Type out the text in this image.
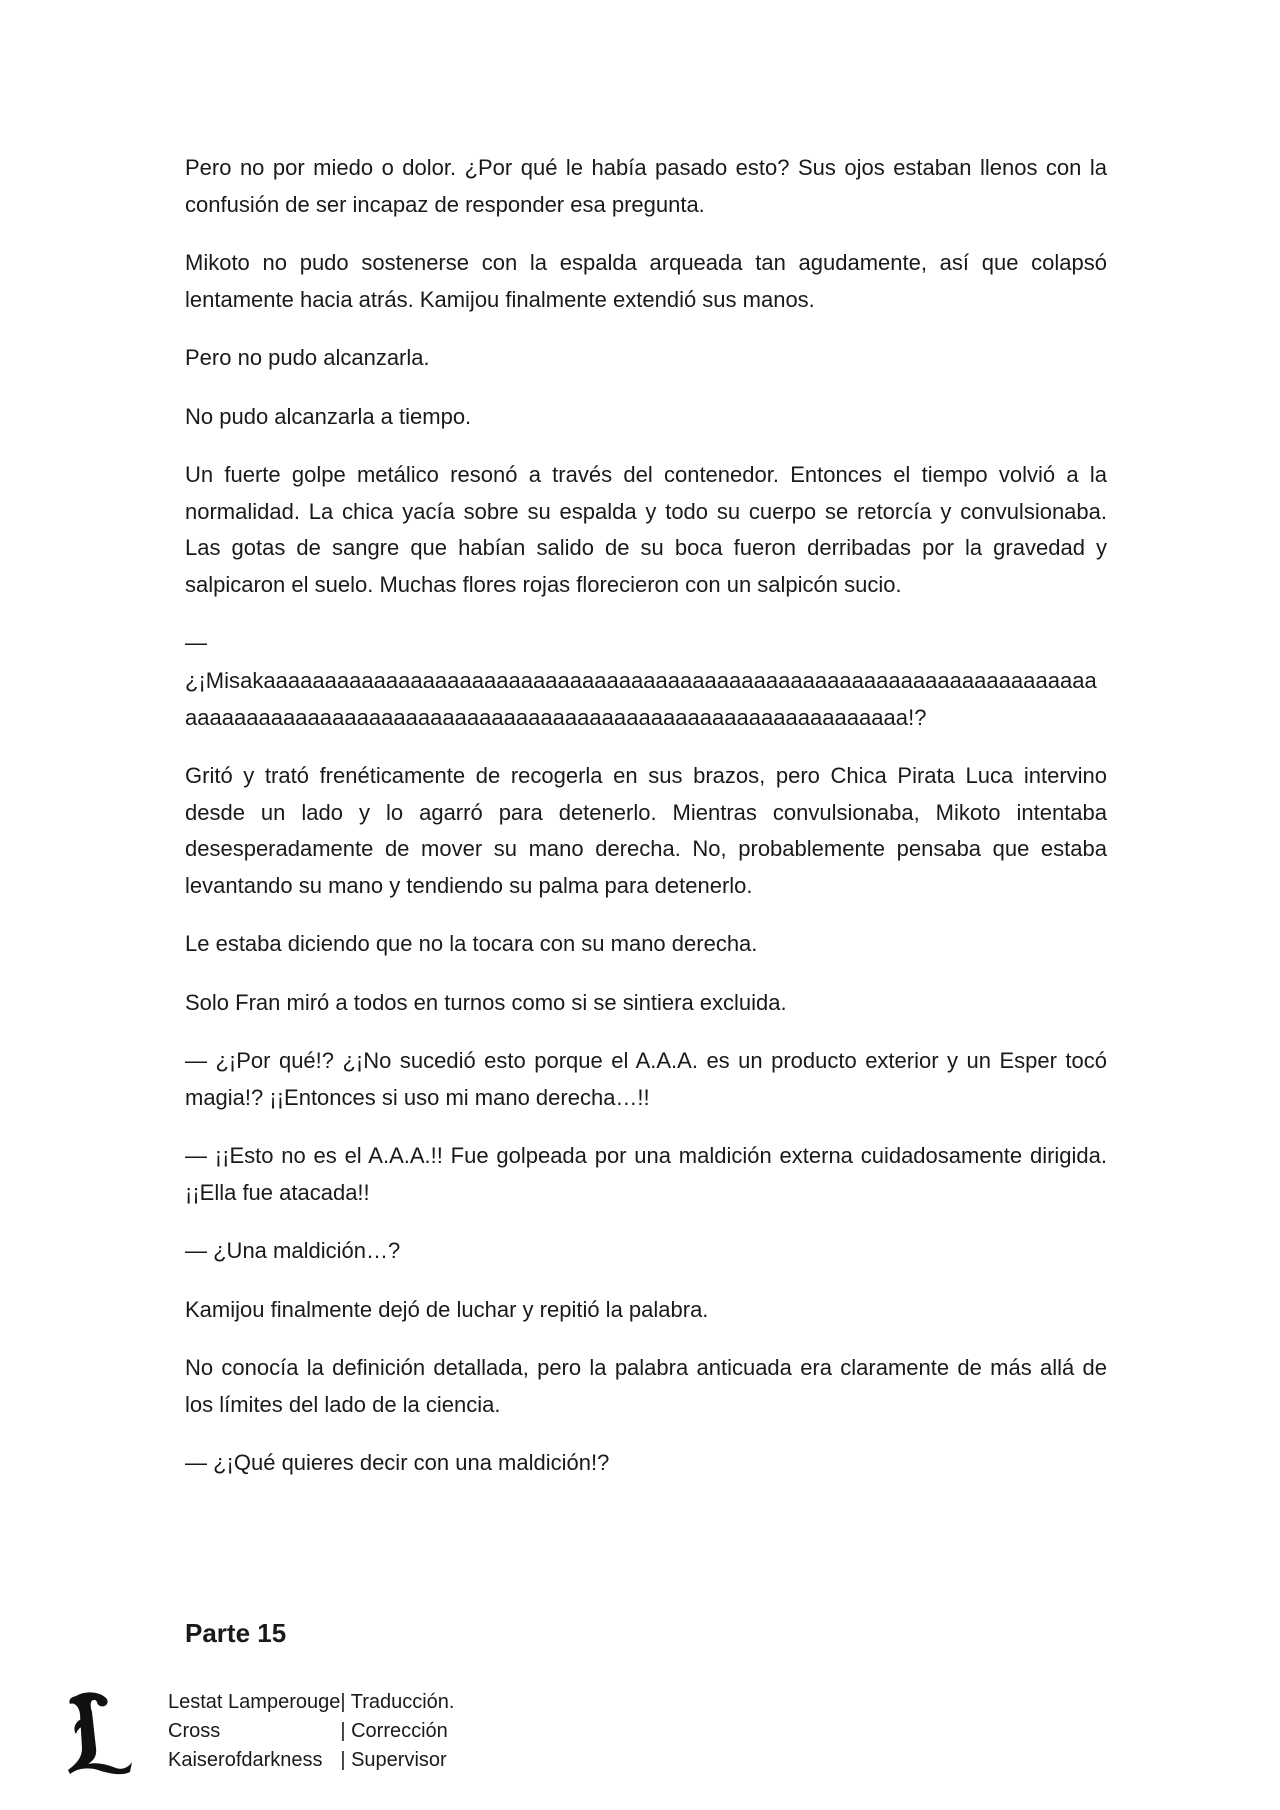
Pero no por miedo o dolor. ¿Por qué le había pasado esto? Sus ojos estaban llenos con la confusión de ser incapaz de responder esa pregunta.

Mikoto no pudo sostenerse con la espalda arqueada tan agudamente, así que colapsó lentamente hacia atrás. Kamijou finalmente extendió sus manos.

Pero no pudo alcanzarla.

No pudo alcanzarla a tiempo.

Un fuerte golpe metálico resonó a través del contenedor. Entonces el tiempo volvió a la normalidad. La chica yacía sobre su espalda y todo su cuerpo se retorcía y convulsionaba. Las gotas de sangre que habían salido de su boca fueron derribadas por la gravedad y salpicaron el suelo. Muchas flores rojas florecieron con un salpicón sucio.

—

¿¡Misakaaaaaaaaaaaaaaaaaaaaaaaaaaaaaaaaaaaaaaaaaaaaaaaaaaaaaaaaaaaaaaaaaaaaaaaaaaaaaaaaaaaaaaaaaaaaaaaaaaaaaaaaaaaaaaaaaaaaaaaaaaaaaaa!?

Gritó y trató frenéticamente de recogerla en sus brazos, pero Chica Pirata Luca intervino desde un lado y lo agarró para detenerlo. Mientras convulsionaba, Mikoto intentaba desesperadamente de mover su mano derecha. No, probablemente pensaba que estaba levantando su mano y tendiendo su palma para detenerlo.

Le estaba diciendo que no la tocara con su mano derecha.

Solo Fran miró a todos en turnos como si se sintiera excluida.

— ¿¡Por qué!? ¿¡No sucedió esto porque el A.A.A. es un producto exterior y un Esper tocó magia!? ¡¡Entonces si uso mi mano derecha…!!

— ¡¡Esto no es el A.A.A.!! Fue golpeada por una maldición externa cuidadosamente dirigida. ¡¡Ella fue atacada!!

— ¿Una maldición…?

Kamijou finalmente dejó de luchar y repitió la palabra.

No conocía la definición detallada, pero la palabra anticuada era claramente de más allá de los límites del lado de la ciencia.

— ¿¡Qué quieres decir con una maldición!?

Parte 15
Lestat Lamperouge	| Traducción.
Cross	| Corrección
Kaiserofdarkness	| Supervisor
